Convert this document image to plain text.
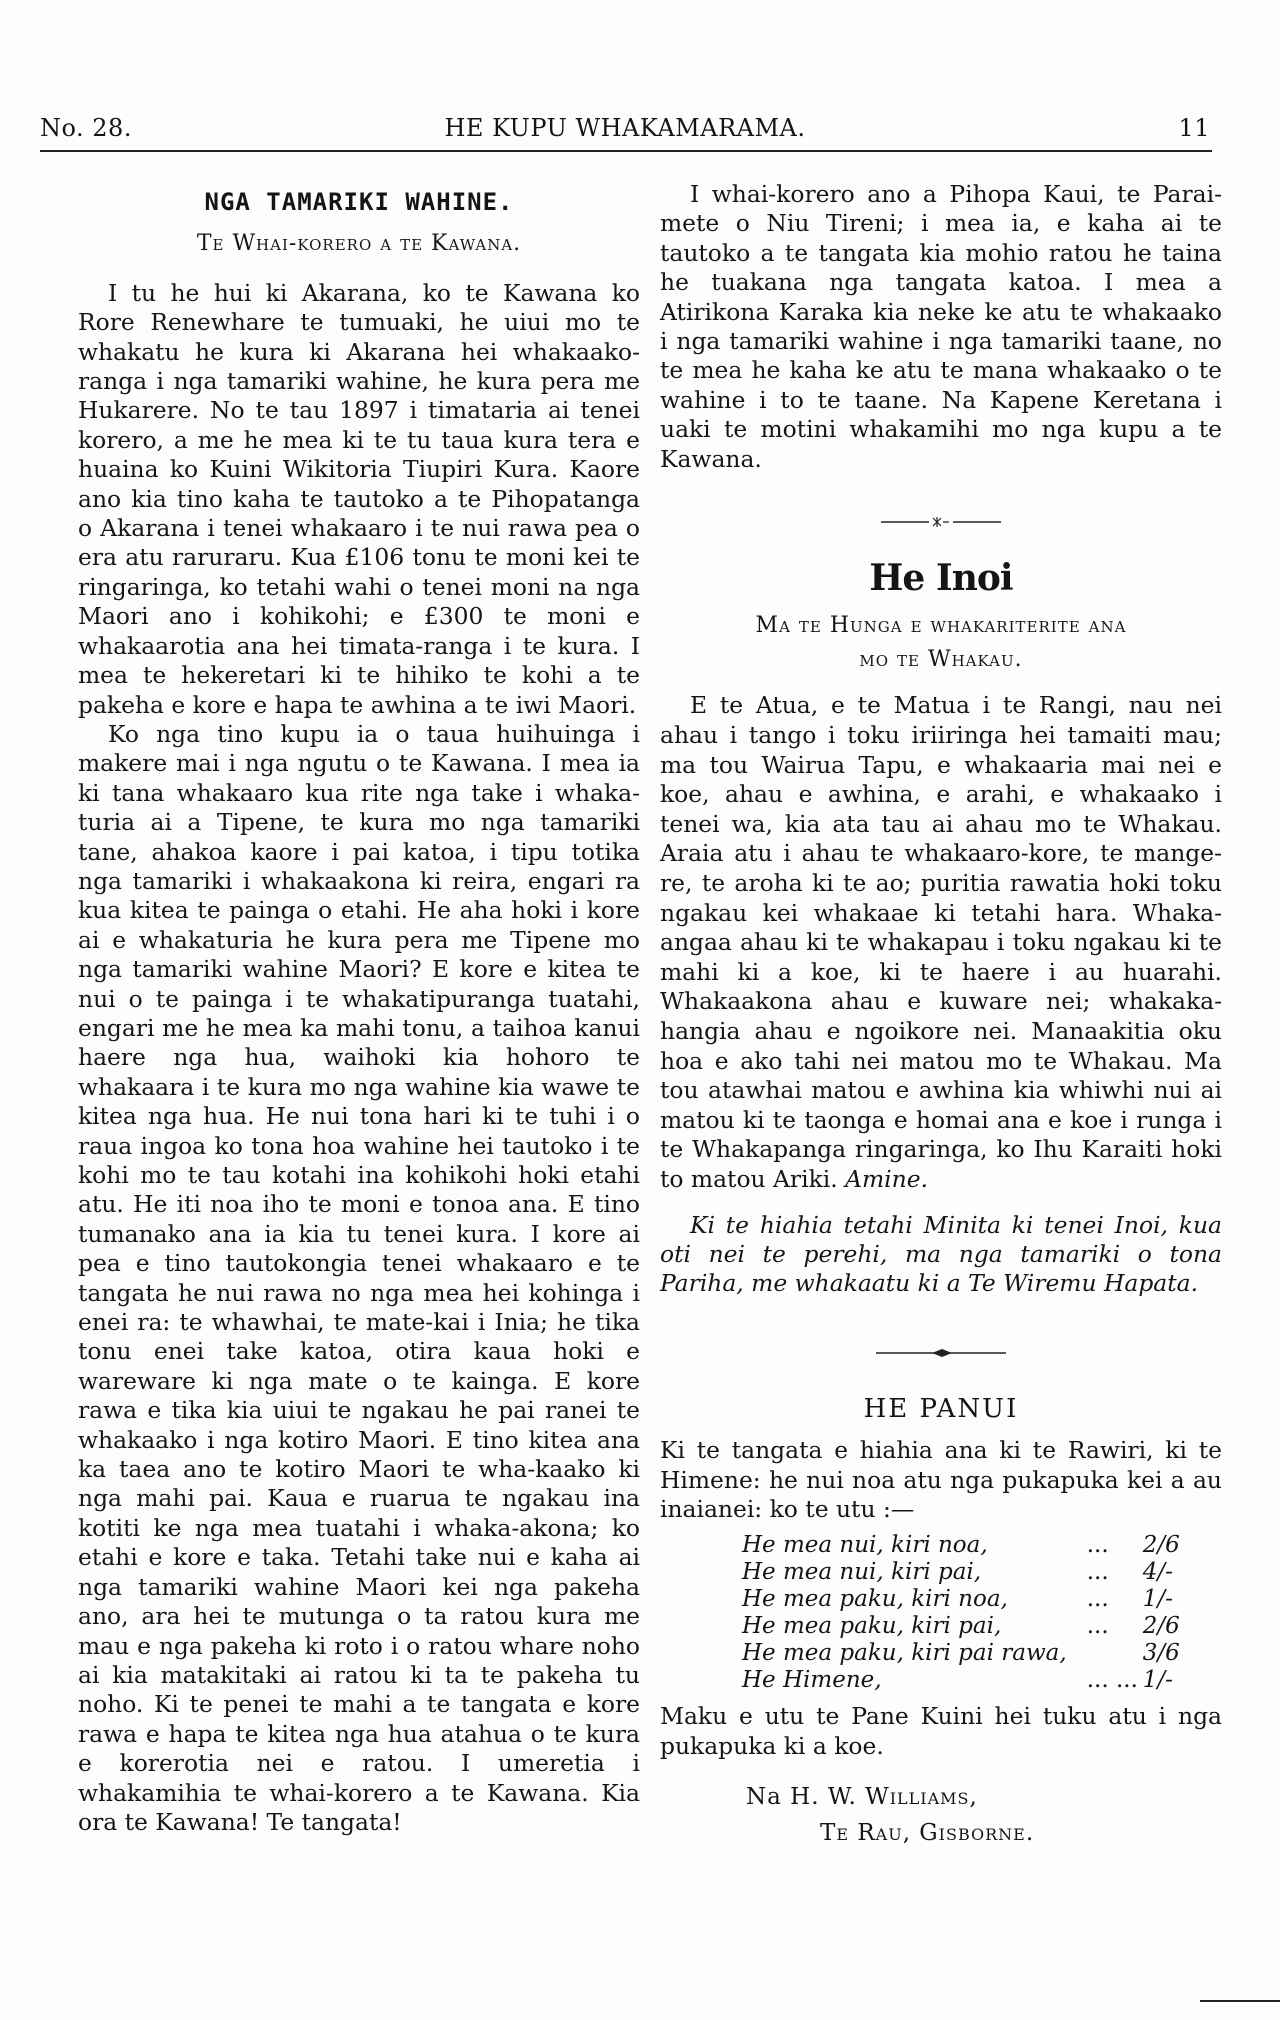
No. 28.	HE KUPU WHAKAMARAMA.	11

NGA TAMARIKI WAHINE.

Te Whai-korero a te Kawana.

I tu he hui ki Akarana, ko te Kawana ko Rore Renewhare te tumuaki, he uiui mo te whakatu he kura ki Akarana hei whakaako-ranga i nga tamariki wahine, he kura pera me Hukarere. No te tau 1897 i timataria ai tenei korero, a me he mea ki te tu taua kura tera e huaina ko Kuini Wikitoria Tiupiri Kura. Kaore ano kia tino kaha te tautoko a te Pihopatanga o Akarana i tenei whakaaro i te nui rawa pea o era atu raruraru. Kua £106 tonu te moni kei te ringaringa, ko tetahi wahi o tenei moni na nga Maori ano i kohikohi; e £300 te moni e whakaarotia ana hei timata-ranga i te kura. I mea te hekeretari ki te hihiko te kohi a te pakeha e kore e hapa te awhina a te iwi Maori.

Ko nga tino kupu ia o taua huihuinga i makere mai i nga ngutu o te Kawana. I mea ia ki tana whakaaro kua rite nga take i whaka-turia ai a Tipene, te kura mo nga tamariki tane, ahakoa kaore i pai katoa, i tipu totika nga tamariki i whakaakona ki reira, engari ra kua kitea te painga o etahi. He aha hoki i kore ai e whakaturia he kura pera me Tipene mo nga tamariki wahine Maori? E kore e kitea te nui o te painga i te whakatipuranga tuatahi, engari me he mea ka mahi tonu, a taihoa kanui haere nga hua, waihoki kia hohoro te whakaara i te kura mo nga wahine kia wawe te kitea nga hua. He nui tona hari ki te tuhi i o raua ingoa ko tona hoa wahine hei tautoko i te kohi mo te tau kotahi ina kohikohi hoki etahi atu. He iti noa iho te moni e tonoa ana. E tino tumanako ana ia kia tu tenei kura. I kore ai pea e tino tautokongia tenei whakaaro e te tangata he nui rawa no nga mea hei kohinga i enei ra: te whawhai, te mate-kai i Inia; he tika tonu enei take katoa, otira kaua hoki e wareware ki nga mate o te kainga. E kore rawa e tika kia uiui te ngakau he pai ranei te whakaako i nga kotiro Maori. E tino kitea ana ka taea ano te kotiro Maori te wha-kaako ki nga mahi pai. Kaua e ruarua te ngakau ina kotiti ke nga mea tuatahi i whaka-akona; ko etahi e kore e taka. Tetahi take nui e kaha ai nga tamariki wahine Maori kei nga pakeha ano, ara hei te mutunga o ta ratou kura me mau e nga pakeha ki roto i o ratou whare noho ai kia matakitaki ai ratou ki ta te pakeha tu noho. Ki te penei te mahi a te tangata e kore rawa e hapa te kitea nga hua atahua o te kura e korerotia nei e ratou. I umeretia i whakamihia te whai-korero a te Kawana. Kia ora te Kawana! Te tangata!

I whai-korero ano a Pihopa Kaui, te Parai-mete o Niu Tireni; i mea ia, e kaha ai te tautoko a te tangata kia mohio ratou he taina he tuakana nga tangata katoa. I mea a Atirikona Karaka kia neke ke atu te whakaako i nga tamariki wahine i nga tamariki taane, no te mea he kaha ke atu te mana whakaako o te wahine i to te taane. Na Kapene Keretana i uaki te motini whakamihi mo nga kupu a te Kawana.

He Inoi

Ma te Hunga e whakariterite ana
mo te Whakau.

E te Atua, e te Matua i te Rangi, nau nei ahau i tango i toku iriiringa hei tamaiti mau; ma tou Wairua Tapu, e whakaaria mai nei e koe, ahau e awhina, e arahi, e whakaako i tenei wa, kia ata tau ai ahau mo te Whakau. Araia atu i ahau te whakaaro-kore, te mange-re, te aroha ki te ao; puritia rawatia hoki toku ngakau kei whakaae ki tetahi hara. Whaka-angaa ahau ki te whakapau i toku ngakau ki te mahi ki a koe, ki te haere i au huarahi. Whakaakona ahau e kuware nei; whakaka-hangia ahau e ngoikore nei. Manaakitia oku hoa e ako tahi nei matou mo te Whakau. Ma tou atawhai matou e awhina kia whiwhi nui ai matou ki te taonga e homai ana e koe i runga i te Whakapanga ringaringa, ko Ihu Karaiti hoki to matou Ariki. Amine.

Ki te hiahia tetahi Minita ki tenei Inoi, kua oti nei te perehi, ma nga tamariki o tona Pariha, me whakaatu ki a Te Wiremu Hapata.

HE PANUI

Ki te tangata e hiahia ana ki te Rawiri, ki te Himene: he nui noa atu nga pukapuka kei a au inaianei: ko te utu :—

He mea nui, kiri noa,	...	2/6
He mea nui, kiri pai,	...	4/-
He mea paku, kiri noa,	...	1/-
He mea paku, kiri pai,	...	2/6
He mea paku, kiri pai rawa,		3/6
He Himene,	... ...	1/-

Maku e utu te Pane Kuini hei tuku atu i nga pukapuka ki a koe.

Na H. W. Williams,

Te Rau, Gisborne.
